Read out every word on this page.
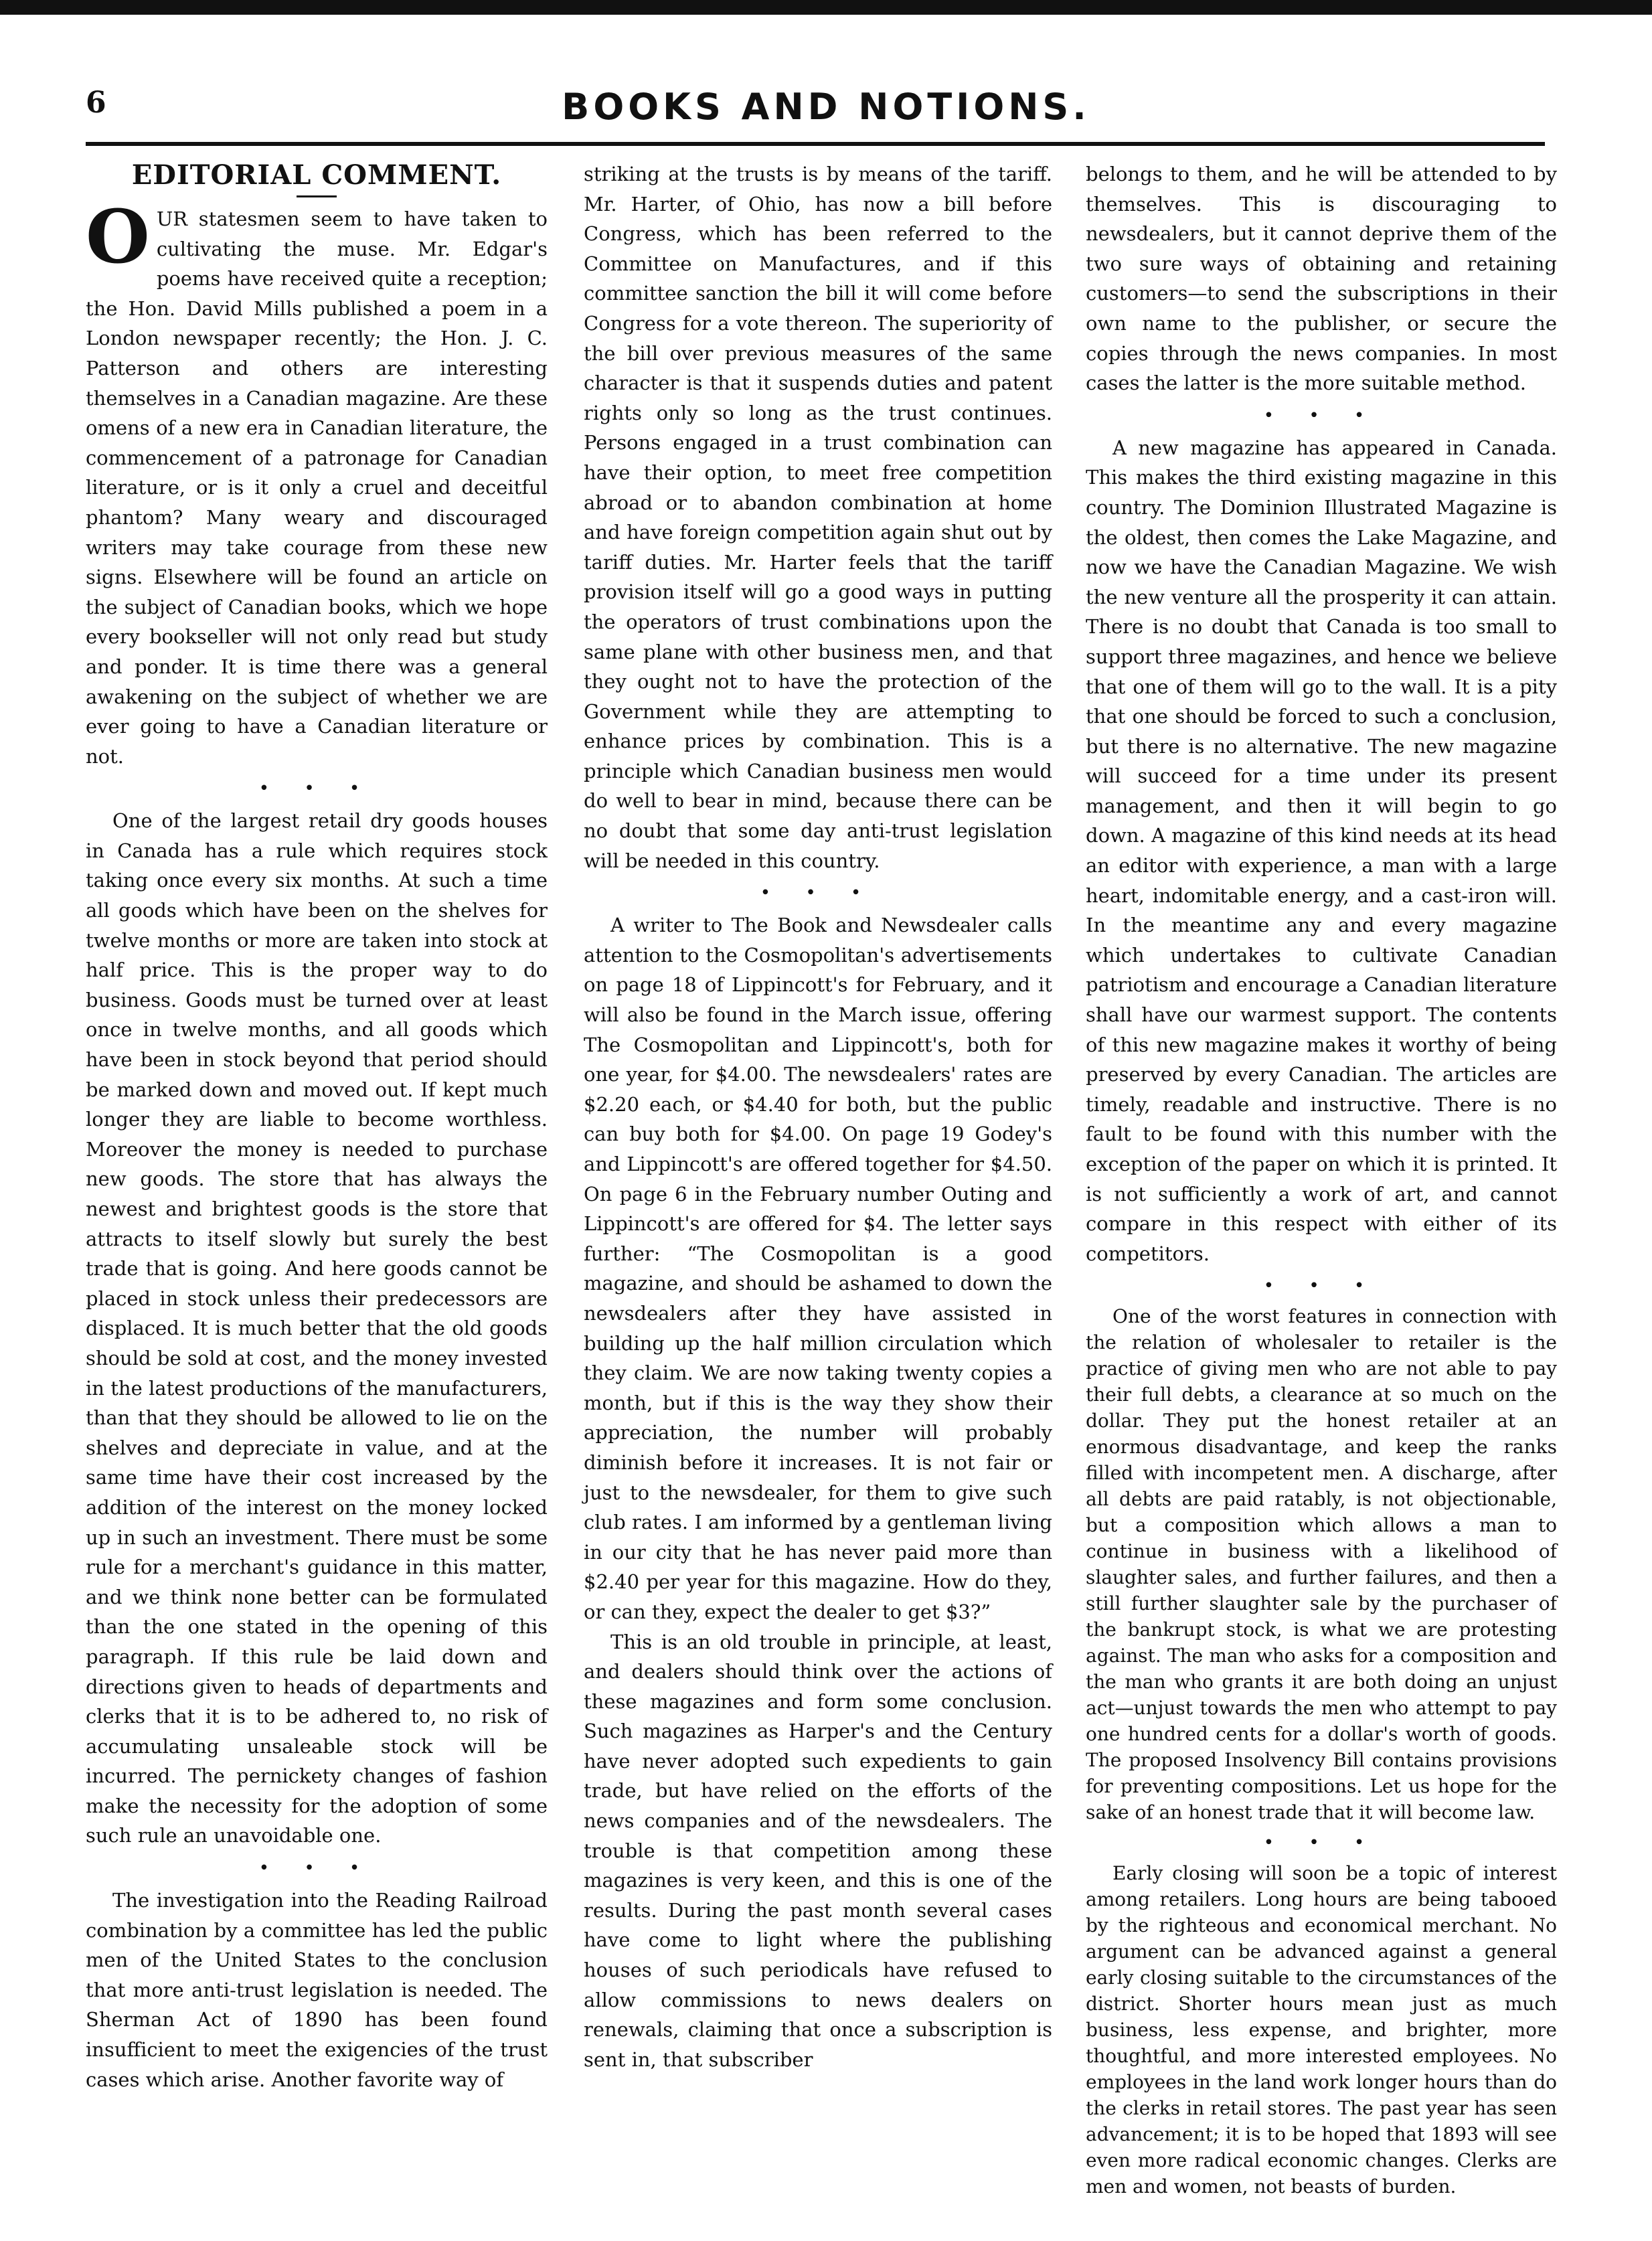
6	BOOKS AND NOTIONS.
EDITORIAL COMMENT.

OUR statesmen seem to have taken to cultivating the muse. Mr. Edgar's poems have received quite a reception; the Hon. David Mills published a poem in a London newspaper recently; the Hon. J. C. Patterson and others are interesting themselves in a Canadian magazine. Are these omens of a new era in Canadian literature, the commencement of a patronage for Canadian literature, or is it only a cruel and deceitful phantom? Many weary and discouraged writers may take courage from these new signs. Elsewhere will be found an article on the subject of Canadian books, which we hope every bookseller will not only read but study and ponder. It is time there was a general awakening on the subject of whether we are ever going to have a Canadian literature or not.

• • •

One of the largest retail dry goods houses in Canada has a rule which requires stock taking once every six months. At such a time all goods which have been on the shelves for twelve months or more are taken into stock at half price. This is the proper way to do business. Goods must be turned over at least once in twelve months, and all goods which have been in stock beyond that period should be marked down and moved out. If kept much longer they are liable to become worthless. Moreover the money is needed to purchase new goods. The store that has always the newest and brightest goods is the store that attracts to itself slowly but surely the best trade that is going. And here goods cannot be placed in stock unless their predecessors are displaced. It is much better that the old goods should be sold at cost, and the money invested in the latest productions of the manufacturers, than that they should be allowed to lie on the shelves and depreciate in value, and at the same time have their cost increased by the addition of the interest on the money locked up in such an investment. There must be some rule for a merchant's guidance in this matter, and we think none better can be formulated than the one stated in the opening of this paragraph. If this rule be laid down and directions given to heads of departments and clerks that it is to be adhered to, no risk of accumulating unsaleable stock will be incurred. The pernickety changes of fashion make the necessity for the adoption of some such rule an unavoidable one.

• • •

The investigation into the Reading Railroad combination by a committee has led the public men of the United States to the conclusion that more anti-trust legislation is needed. The Sherman Act of 1890 has been found insufficient to meet the exigencies of the trust cases which arise. Another favorite way of

striking at the trusts is by means of the tariff. Mr. Harter, of Ohio, has now a bill before Congress, which has been referred to the Committee on Manufactures, and if this committee sanction the bill it will come before Congress for a vote thereon. The superiority of the bill over previous measures of the same character is that it suspends duties and patent rights only so long as the trust continues. Persons engaged in a trust combination can have their option, to meet free competition abroad or to abandon combination at home and have foreign competition again shut out by tariff duties. Mr. Harter feels that the tariff provision itself will go a good ways in putting the operators of trust combinations upon the same plane with other business men, and that they ought not to have the protection of the Government while they are attempting to enhance prices by combination. This is a principle which Canadian business men would do well to bear in mind, because there can be no doubt that some day anti-trust legislation will be needed in this country.

• • •

A writer to The Book and Newsdealer calls attention to the Cosmopolitan's advertisements on page 18 of Lippincott's for February, and it will also be found in the March issue, offering The Cosmopolitan and Lippincott's, both for one year, for $4.00. The newsdealers' rates are $2.20 each, or $4.40 for both, but the public can buy both for $4.00. On page 19 Godey's and Lippincott's are offered together for $4.50. On page 6 in the February number Outing and Lippincott's are offered for $4. The letter says further: “The Cosmopolitan is a good magazine, and should be ashamed to down the newsdealers after they have assisted in building up the half million circulation which they claim. We are now taking twenty copies a month, but if this is the way they show their appreciation, the number will probably diminish before it increases. It is not fair or just to the newsdealer, for them to give such club rates. I am informed by a gentleman living in our city that he has never paid more than $2.40 per year for this magazine. How do they, or can they, expect the dealer to get $3?”

This is an old trouble in principle, at least, and dealers should think over the actions of these magazines and form some conclusion. Such magazines as Harper's and the Century have never adopted such expedients to gain trade, but have relied on the efforts of the news companies and of the newsdealers. The trouble is that competition among these magazines is very keen, and this is one of the results. During the past month several cases have come to light where the publishing houses of such periodicals have refused to allow commissions to news dealers on renewals, claiming that once a subscription is sent in, that subscriber

belongs to them, and he will be attended to by themselves. This is discouraging to newsdealers, but it cannot deprive them of the two sure ways of obtaining and retaining customers—to send the subscriptions in their own name to the publisher, or secure the copies through the news companies. In most cases the latter is the more suitable method.

• • •

A new magazine has appeared in Canada. This makes the third existing magazine in this country. The Dominion Illustrated Magazine is the oldest, then comes the Lake Magazine, and now we have the Canadian Magazine. We wish the new venture all the prosperity it can attain. There is no doubt that Canada is too small to support three magazines, and hence we believe that one of them will go to the wall. It is a pity that one should be forced to such a conclusion, but there is no alternative. The new magazine will succeed for a time under its present management, and then it will begin to go down. A magazine of this kind needs at its head an editor with experience, a man with a large heart, indomitable energy, and a cast-iron will. In the meantime any and every magazine which undertakes to cultivate Canadian patriotism and encourage a Canadian literature shall have our warmest support. The contents of this new magazine makes it worthy of being preserved by every Canadian. The articles are timely, readable and instructive. There is no fault to be found with this number with the exception of the paper on which it is printed. It is not sufficiently a work of art, and cannot compare in this respect with either of its competitors.

• • •

One of the worst features in connection with the relation of wholesaler to retailer is the practice of giving men who are not able to pay their full debts, a clearance at so much on the dollar. They put the honest retailer at an enormous disadvantage, and keep the ranks filled with incompetent men. A discharge, after all debts are paid ratably, is not objectionable, but a composition which allows a man to continue in business with a likelihood of slaughter sales, and further failures, and then a still further slaughter sale by the purchaser of the bankrupt stock, is what we are protesting against. The man who asks for a composition and the man who grants it are both doing an unjust act—unjust towards the men who attempt to pay one hundred cents for a dollar's worth of goods. The proposed Insolvency Bill contains provisions for preventing compositions. Let us hope for the sake of an honest trade that it will become law.

• • •

Early closing will soon be a topic of interest among retailers. Long hours are being tabooed by the righteous and economical merchant. No argument can be advanced against a general early closing suitable to the circumstances of the district. Shorter hours mean just as much business, less expense, and brighter, more thoughtful, and more interested employees. No employees in the land work longer hours than do the clerks in retail stores. The past year has seen advancement; it is to be hoped that 1893 will see even more radical economic changes. Clerks are men and women, not beasts of burden.
